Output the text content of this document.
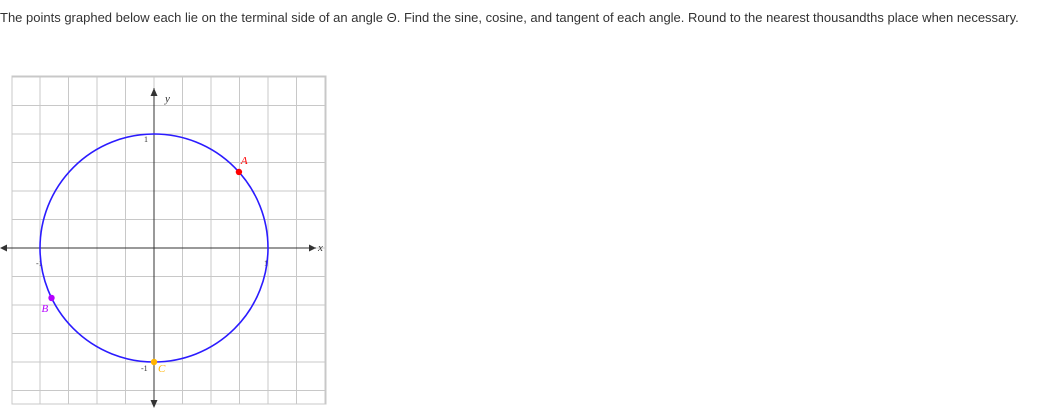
The points graphed below each lie on the terminal side of an angle Θ. Find the sine, cosine, and tangent of each angle. Round to the nearest thousandths place when necessary.
x
y
1
-1	1
-1
A
B
C
